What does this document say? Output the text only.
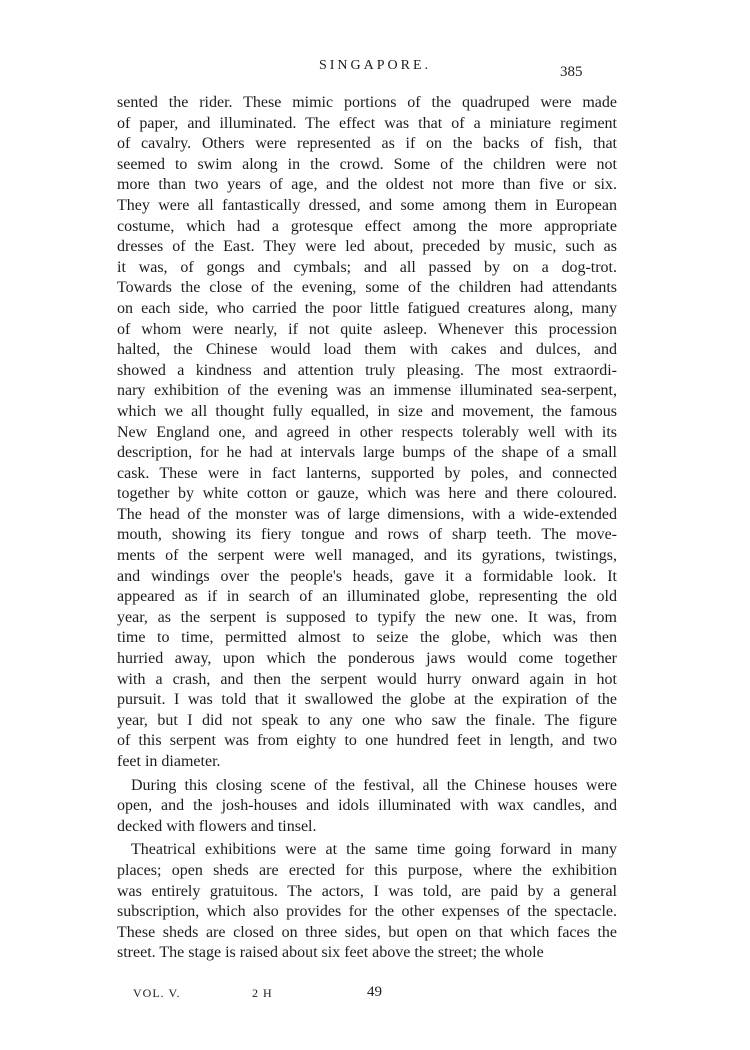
SINGAPORE.	385
sented the rider. These mimic portions of the quadruped were made
of paper, and illuminated. The effect was that of a miniature regiment
of cavalry. Others were represented as if on the backs of fish, that
seemed to swim along in the crowd. Some of the children were not
more than two years of age, and the oldest not more than five or six.
They were all fantastically dressed, and some among them in European
costume, which had a grotesque effect among the more appropriate
dresses of the East. They were led about, preceded by music, such as
it was, of gongs and cymbals; and all passed by on a dog-trot.
Towards the close of the evening, some of the children had attendants
on each side, who carried the poor little fatigued creatures along, many
of whom were nearly, if not quite asleep. Whenever this procession
halted, the Chinese would load them with cakes and dulces, and
showed a kindness and attention truly pleasing. The most extraordi-
nary exhibition of the evening was an immense illuminated sea-serpent,
which we all thought fully equalled, in size and movement, the famous
New England one, and agreed in other respects tolerably well with its
description, for he had at intervals large bumps of the shape of a small
cask. These were in fact lanterns, supported by poles, and connected
together by white cotton or gauze, which was here and there coloured.
The head of the monster was of large dimensions, with a wide-extended
mouth, showing its fiery tongue and rows of sharp teeth. The move-
ments of the serpent were well managed, and its gyrations, twistings,
and windings over the people's heads, gave it a formidable look. It
appeared as if in search of an illuminated globe, representing the old
year, as the serpent is supposed to typify the new one. It was, from
time to time, permitted almost to seize the globe, which was then
hurried away, upon which the ponderous jaws would come together
with a crash, and then the serpent would hurry onward again in hot
pursuit. I was told that it swallowed the globe at the expiration of the
year, but I did not speak to any one who saw the finale. The figure
of this serpent was from eighty to one hundred feet in length, and two
feet in diameter.
During this closing scene of the festival, all the Chinese houses were
open, and the josh-houses and idols illuminated with wax candles, and
decked with flowers and tinsel.
Theatrical exhibitions were at the same time going forward in many
places; open sheds are erected for this purpose, where the exhibition
was entirely gratuitous. The actors, I was told, are paid by a general
subscription, which also provides for the other expenses of the spectacle.
These sheds are closed on three sides, but open on that which faces the
street. The stage is raised about six feet above the street; the whole
VOL. V.	2 H	49
